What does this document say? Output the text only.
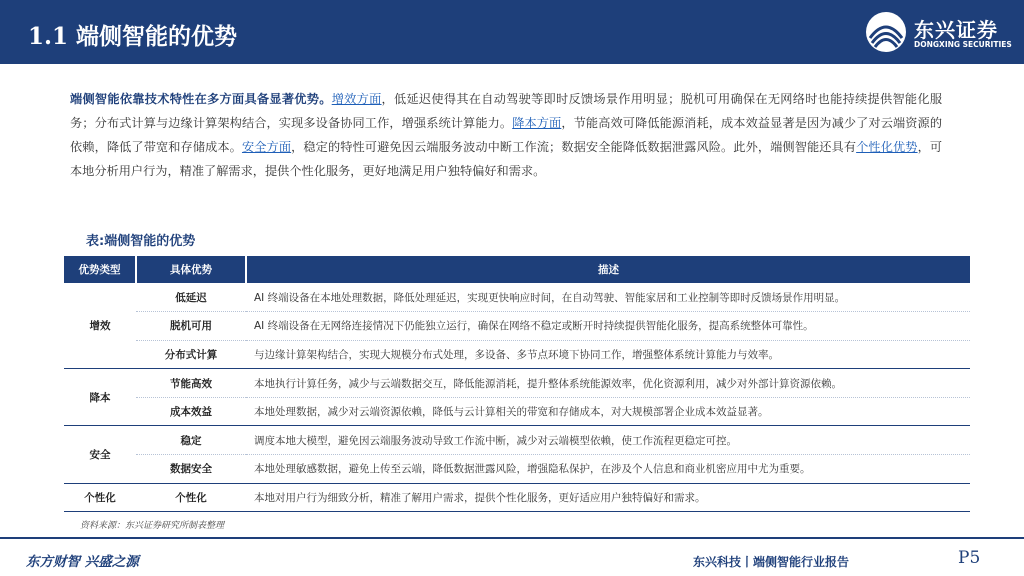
1.1 端侧智能的优势	东兴证券
DONGXING SECURITIES
端侧智能依靠技术特性在多方面具备显著优势。增效方面，低延迟使得其在自动驾驶等即时反馈场景作用明显；脱机可用确保在无网络时也能持续提供智能化服务；分布式计算与边缘计算架构结合，实现多设备协同工作，增强系统计算能力。降本方面，节能高效可降低能源消耗，成本效益显著是因为减少了对云端资源的依赖，降低了带宽和存储成本。安全方面，稳定的特性可避免因云端服务波动中断工作流；数据安全能降低数据泄露风险。此外，端侧智能还具有个性化优势，可本地分析用户行为，精准了解需求，提供个性化服务，更好地满足用户独特偏好和需求。
表:端侧智能的优势
优势类型	具体优势	描述
增效	低延迟	AI 终端设备在本地处理数据，降低处理延迟，实现更快响应时间，在自动驾驶、智能家居和工业控制等即时反馈场景作用明显。
	脱机可用	AI 终端设备在无网络连接情况下仍能独立运行，确保在网络不稳定或断开时持续提供智能化服务，提高系统整体可靠性。
	分布式计算	与边缘计算架构结合，实现大规模分布式处理，多设备、多节点环境下协同工作，增强整体系统计算能力与效率。
降本	节能高效	本地执行计算任务，减少与云端数据交互，降低能源消耗，提升整体系统能源效率，优化资源利用，减少对外部计算资源依赖。
	成本效益	本地处理数据，减少对云端资源依赖，降低与云计算相关的带宽和存储成本，对大规模部署企业成本效益显著。
安全	稳定	调度本地大模型，避免因云端服务波动导致工作流中断，减少对云端模型依赖，使工作流程更稳定可控。
	数据安全	本地处理敏感数据，避免上传至云端，降低数据泄露风险，增强隐私保护，在涉及个人信息和商业机密应用中尤为重要。
个性化	个性化	本地对用户行为细致分析，精准了解用户需求，提供个性化服务，更好适应用户独特偏好和需求。
资料来源：东兴证券研究所制表整理
东方财智 兴盛之源	东兴科技丨端侧智能行业报告	P5
